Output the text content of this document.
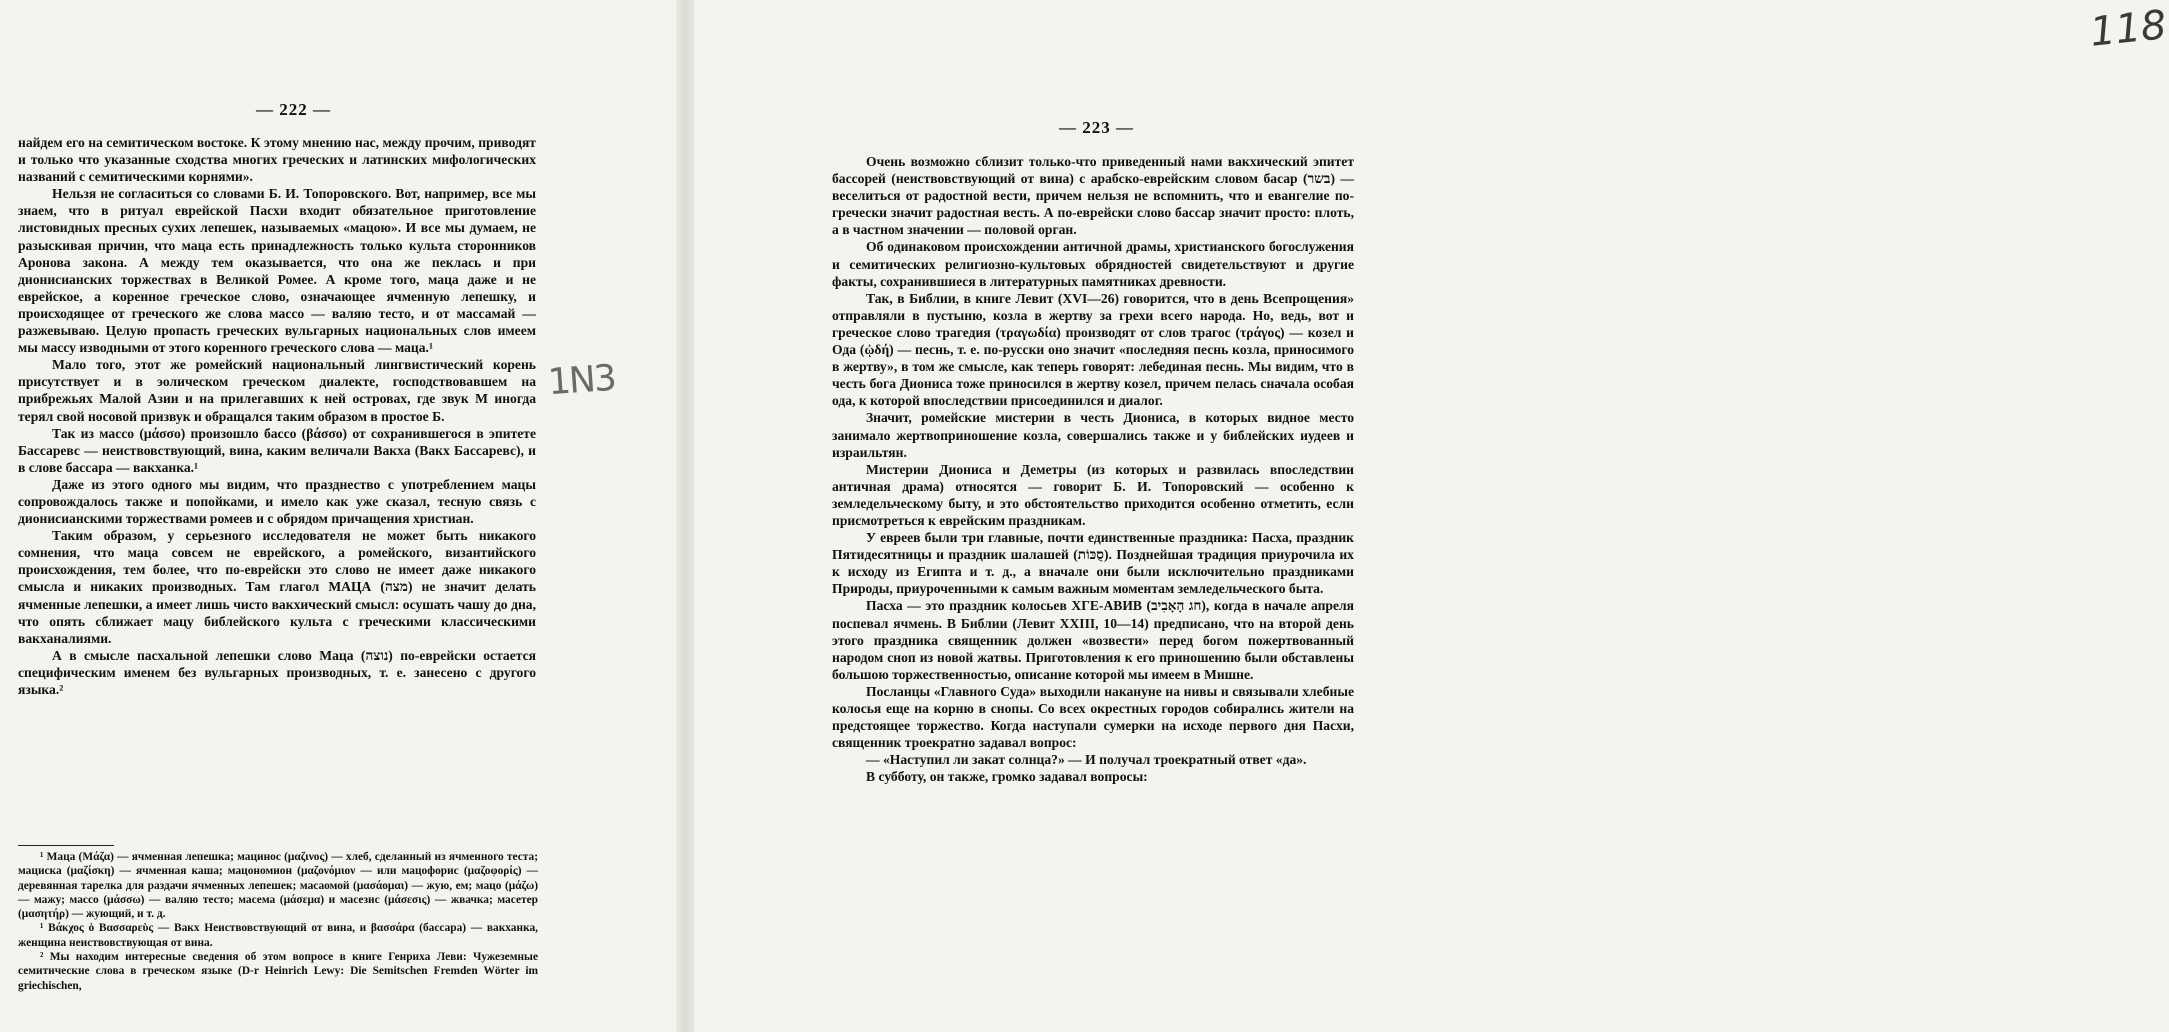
— 222 —

найдем его на семитическом востоке. К этому мнению нас, между прочим, приводят и только что указанные сходства многих греческих и латинских мифологических названий с семитическими корнями».

Нельзя не согласиться со словами Б. И. Топоровского. Вот, например, все мы знаем, что в ритуал еврейской Пасхи входит обязательное приготовление листовидных пресных сухих лепешек, называемых «мацою». И все мы думаем, не разыскивая причин, что маца есть принадлежность только культа сторонников Аронова закона. А между тем оказывается, что она же пеклась и при дионисианских торжествах в Великой Ромее. А кроме того, маца даже и не еврейское, а коренное греческое слово, означающее ячменную лепешку, и происходящее от греческого же слова массо — валяю тесто, и от массамай — разжевываю. Целую пропасть греческих вульгарных национальных слов имеем мы массу изводными от этого коренного греческого слова — маца.¹

Мало того, этот же ромейский национальный лингвистический корень присутствует и в эолическом греческом диалекте, господствовавшем на прибрежьях Малой Азии и на прилегавших к ней островах, где звук М иногда терял свой носовой призвук и обращался таким образом в простое Б.

Так из массо (μάσσο) произошло бассо (βάσσο) от сохранившегося в эпитете Бассаревс — неиствовствующий, вина, каким величали Вакха (Вакх Бассаревс), и в слове бассара — вакханка.¹

Даже из этого одного мы видим, что празднество с употреблением мацы сопровождалось также и попойками, и имело как уже сказал, тесную связь с дионисианскими торжествами ромеев и с обрядом причащения христиан.

Таким образом, у серьезного исследователя не может быть никакого сомнения, что маца совсем не еврейского, а ромейского, византийского происхождения, тем более, что по-еврейски это слово не имеет даже никакого смысла и никаких производных. Там глагол МАЦА (מצה) не значит делать ячменные лепешки, а имеет лишь чисто вакхический смысл: осушать чашу до дна, что опять сближает мацу библейского культа с греческими классическими вакханалиями.

А в смысле пасхальной лепешки слово Маца (נוצה) по-еврейски остается специфическим именем без вульгарных производных, т. е. занесено с другого языка.²

¹ Маца (Μάζα) — ячменная лепешка; мацинос (μαζινος) — хлеб, сделанный из ячменного теста; мациска (μαζίσκη) — ячменная каша; мацономион (μαζονόμιον — или мацофорис (μαζοφορίς) — деревянная тарелка для раздачи ячменных лепешек; масаомой (μασάομαι) — жую, ем; мацо (μάζω) — мажу; массо (μάσσω) — валяю тесто; масема (μάσεμα) и масезис (μάσεσις) — жвачка; масетер (μασητήρ) — жующий, и т. д.

¹ Βάκχος ὁ Βασσαρεὺς — Вакх Неиствовствующий от вина, и βασσάρα (бассара) — вакханка, женщина неиствовствующая от вина.

² Мы находим интересные сведения об этом вопросе в книге Генриха Леви: Чужеземные семитические слова в греческом языке (D-r Heinrich Lewy: Die Semitschen Fremden Wörter im griechischen,

1N3
— 223 —

Очень возможно сблизит только-что приведенный нами вакхический эпитет бассорей (неиствовствующий от вина) с арабско-еврейским словом басар (בשר) — веселиться от радостной вести, причем нельзя не вспомнить, что и евангелие по-гречески значит радостная весть. А по-еврейски слово бассар значит просто: плоть, а в частном значении — половой орган.

Об одинаковом происхождении античной драмы, христианского богослужения и семитических религиозно-культовых обрядностей свидетельствуют и другие факты, сохранившиеся в литературных памятниках древности.

Так, в Библии, в книге Левит (XVI—26) говорится, что в день Всепрощения» отправляли в пустыню, козла в жертву за грехи всего народа. Но, ведь, вот и греческое слово трагедия (τραγωδία) производят от слов трагос (τράγος) — козел и Ода (ᾠδή) — песнь, т. е. по-русски оно значит «последняя песнь козла, приносимого в жертву», в том же смысле, как теперь говорят: лебединая песнь. Мы видим, что в честь бога Диониса тоже приносился в жертву козел, причем пелась сначала особая ода, к которой впоследствии присоединился и диалог.

Значит, ромейские мистерии в честь Диониса, в которых видное место занимало жертвоприношение козла, совершались также и у библейских иудеев и израильтян.

Мистерии Диониса и Деметры (из которых и развилась впоследствии античная драма) относятся — говорит Б. И. Топоровский — особенно к земледельческому быту, и это обстоятельство приходится особенно отметить, если присмотреться к еврейским праздникам.

У евреев были три главные, почти единственные праздника: Пасха, праздник Пятидесятницы и праздник шалашей (סֻכּוֹת). Позднейшая традиция приурочила их к исходу из Египта и т. д., а вначале они были исключительно праздниками Природы, приуроченными к самым важным моментам земледельческого быта.

Пасха — это праздник колосьев ХГЕ-АВИВ (חג הָאָבִיב), когда в начале апреля поспевал ячмень. В Библии (Левит XXIII, 10—14) предписано, что на второй день этого праздника священник должен «возвести» перед богом пожертвованный народом сноп из новой жатвы. Приготовления к его приношению были обставлены большою торжественностью, описание которой мы имеем в Мишне.

Посланцы «Главного Суда» выходили накануне на нивы и связывали хлебные колосья еще на корню в снопы. Со всех окрестных городов собирались жители на предстоящее торжество. Когда наступали сумерки на исходе первого дня Пасхи, священник троекратно задавал вопрос:

— «Наступил ли закат солнца?» — И получал троекратный ответ «да».

В субботу, он также, громко задавал вопросы:

118
